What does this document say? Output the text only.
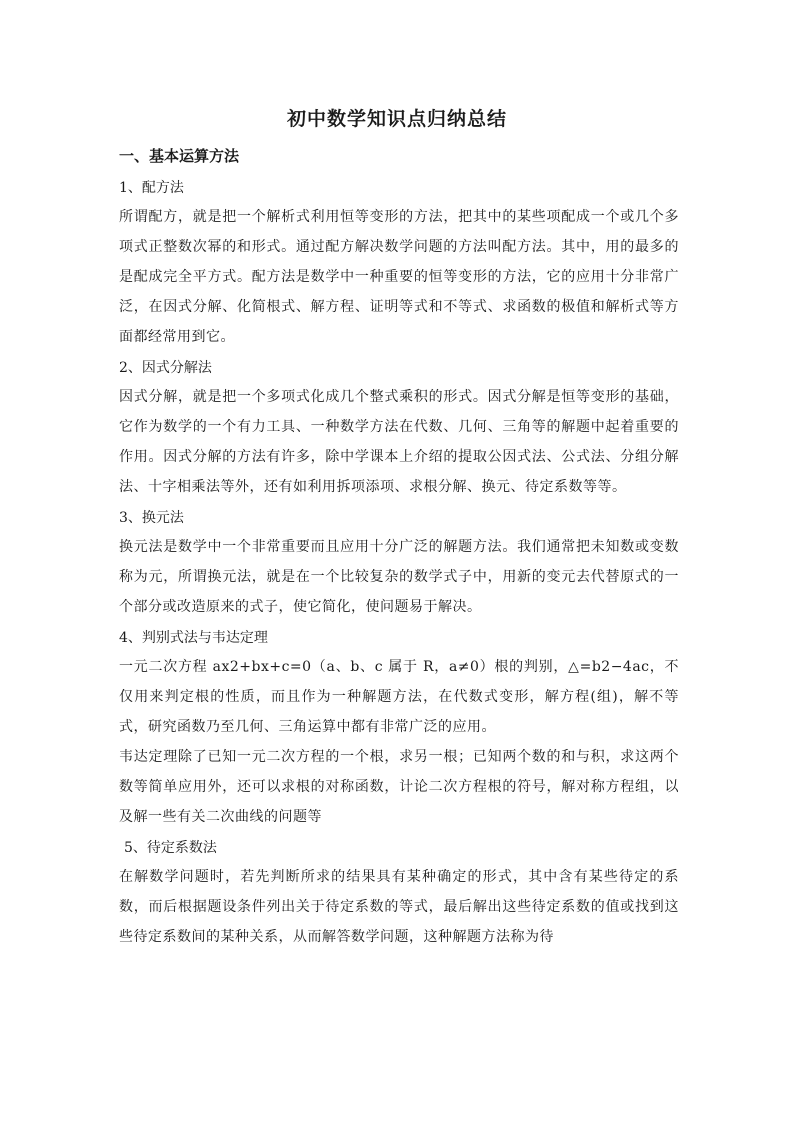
初中数学知识点归纳总结
一、基本运算方法
1、配方法
所谓配方，就是把一个解析式利用恒等变形的方法，把其中的某些项配成一个或几个多项式正整数次幂的和形式。通过配方解决数学问题的方法叫配方法。其中，用的最多的是配成完全平方式。配方法是数学中一种重要的恒等变形的方法，它的应用十分非常广泛，在因式分解、化简根式、解方程、证明等式和不等式、求函数的极值和解析式等方面都经常用到它。
2、因式分解法
因式分解，就是把一个多项式化成几个整式乘积的形式。因式分解是恒等变形的基础，它作为数学的一个有力工具、一种数学方法在代数、几何、三角等的解题中起着重要的作用。因式分解的方法有许多，除中学课本上介绍的提取公因式法、公式法、分组分解法、十字相乘法等外，还有如利用拆项添项、求根分解、换元、待定系数等等。
3、换元法
换元法是数学中一个非常重要而且应用十分广泛的解题方法。我们通常把未知数或变数称为元，所谓换元法，就是在一个比较复杂的数学式子中，用新的变元去代替原式的一个部分或改造原来的式子，使它简化，使问题易于解决。
4、判别式法与韦达定理
一元二次方程 ax2+bx+c=0（a、b、c 属于 R，a≠0）根的判别，△=b2−4ac，不仅用来判定根的性质，而且作为一种解题方法，在代数式变形，解方程(组)，解不等式，研究函数乃至几何、三角运算中都有非常广泛的应用。
韦达定理除了已知一元二次方程的一个根，求另一根；已知两个数的和与积，求这两个数等简单应用外，还可以求根的对称函数，计论二次方程根的符号，解对称方程组，以及解一些有关二次曲线的问题等
5、待定系数法
在解数学问题时，若先判断所求的结果具有某种确定的形式，其中含有某些待定的系数，而后根据题设条件列出关于待定系数的等式，最后解出这些待定系数的值或找到这些待定系数间的某种关系，从而解答数学问题，这种解题方法称为待
